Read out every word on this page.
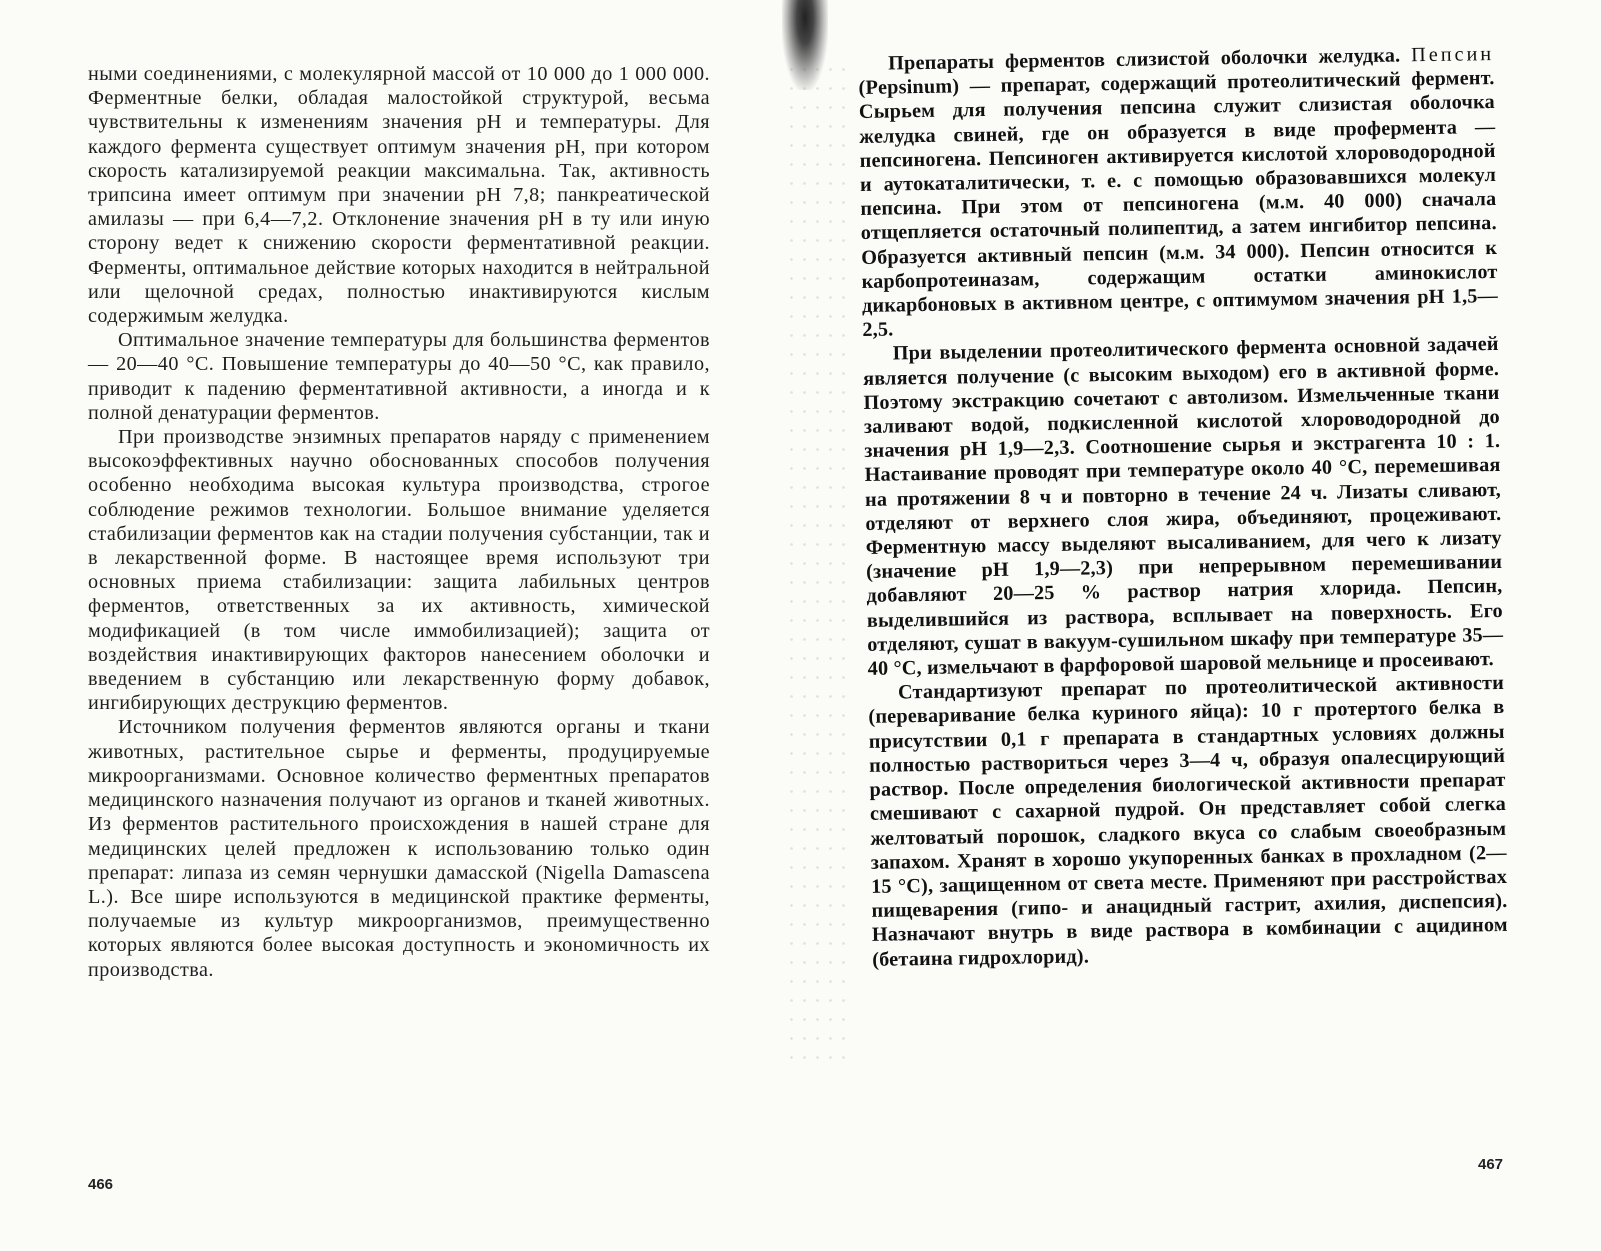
ными соединениями, с молекулярной массой от 10 000 до 1 000 000. Ферментные белки, обладая малостойкой структурой, весьма чувствительны к изменениям значения pH и температуры. Для каждого фермента существует оптимум значения pH, при котором скорость катализируемой реакции максимальна. Так, активность трипсина имеет оптимум при значении pH 7,8; панкреатической амилазы — при 6,4—7,2. Отклонение значения pH в ту или иную сторону ведет к снижению скорости ферментативной реакции. Ферменты, оптимальное действие которых находится в нейтральной или щелочной средах, полностью инактивируются кислым содержимым желудка.

Оптимальное значение температуры для большинства ферментов — 20—40 °C. Повышение температуры до 40—50 °C, как правило, приводит к падению ферментативной активности, а иногда и к полной денатурации ферментов.

При производстве энзимных препаратов наряду с применением высокоэффективных научно обоснованных способов получения особенно необходима высокая культура производства, строгое соблюдение режимов технологии. Большое внимание уделяется стабилизации ферментов как на стадии получения субстанции, так и в лекарственной форме. В настоящее время используют три основных приема стабилизации: защита лабильных центров ферментов, ответственных за их активность, химической модификацией (в том числе иммобилизацией); защита от воздействия инактивирующих факторов нанесением оболочки и введением в субстанцию или лекарственную форму добавок, ингибирующих деструкцию ферментов.

Источником получения ферментов являются органы и ткани животных, растительное сырье и ферменты, продуцируемые микроорганизмами. Основное количество ферментных препаратов медицинского назначения получают из органов и тканей животных. Из ферментов растительного происхождения в нашей стране для медицинских целей предложен к использованию только один препарат: липаза из семян чернушки дамасской (Nigella Damascena L.). Все шире используются в медицинской практике ферменты, получаемые из культур микроорганизмов, преимущественно которых являются более высокая доступность и экономичность их производства.

466

Препараты ферментов слизистой оболочки желудка. Пепсин (Pepsinum) — препарат, содержащий протеолитический фермент. Сырьем для получения пепсина служит слизистая оболочка желудка свиней, где он образуется в виде профермента — пепсиногена. Пепсиноген активируется кислотой хлороводородной и аутокаталитически, т. е. с помощью образовавшихся молекул пепсина. При этом от пепсиногена (м.м. 40 000) сначала отщепляется остаточный полипептид, а затем ингибитор пепсина. Образуется активный пепсин (м.м. 34 000). Пепсин относится к карбопротеиназам, содержащим остатки аминокислот дикарбоновых в активном центре, с оптимумом значения pH 1,5—2,5.

При выделении протеолитического фермента основной задачей является получение (с высоким выходом) его в активной форме. Поэтому экстракцию сочетают с автолизом. Измельченные ткани заливают водой, подкисленной кислотой хлороводородной до значения pH 1,9—2,3. Соотношение сырья и экстрагента 10 : 1. Настаивание проводят при температуре около 40 °C, перемешивая на протяжении 8 ч и повторно в течение 24 ч. Лизаты сливают, отделяют от верхнего слоя жира, объединяют, процеживают. Ферментную массу выделяют высаливанием, для чего к лизату (значение pH 1,9—2,3) при непрерывном перемешивании добавляют 20—25 % раствор натрия хлорида. Пепсин, выделившийся из раствора, всплывает на поверхность. Его отделяют, сушат в вакуум-сушильном шкафу при температуре 35—40 °C, измельчают в фарфоровой шаровой мельнице и просеивают.

Стандартизуют препарат по протеолитической активности (переваривание белка куриного яйца): 10 г протертого белка в присутствии 0,1 г препарата в стандартных условиях должны полностью раствориться через 3—4 ч, образуя опалесцирующий раствор. После определения биологической активности препарат смешивают с сахарной пудрой. Он представляет собой слегка желтоватый порошок, сладкого вкуса со слабым своеобразным запахом. Хранят в хорошо укупоренных банках в прохладном (2—15 °C), защищенном от света месте. Применяют при расстройствах пищеварения (гипо- и анацидный гастрит, ахилия, диспепсия). Назначают внутрь в виде раствора в комбинации с ацидином (бетаина гидрохлорид).

467
